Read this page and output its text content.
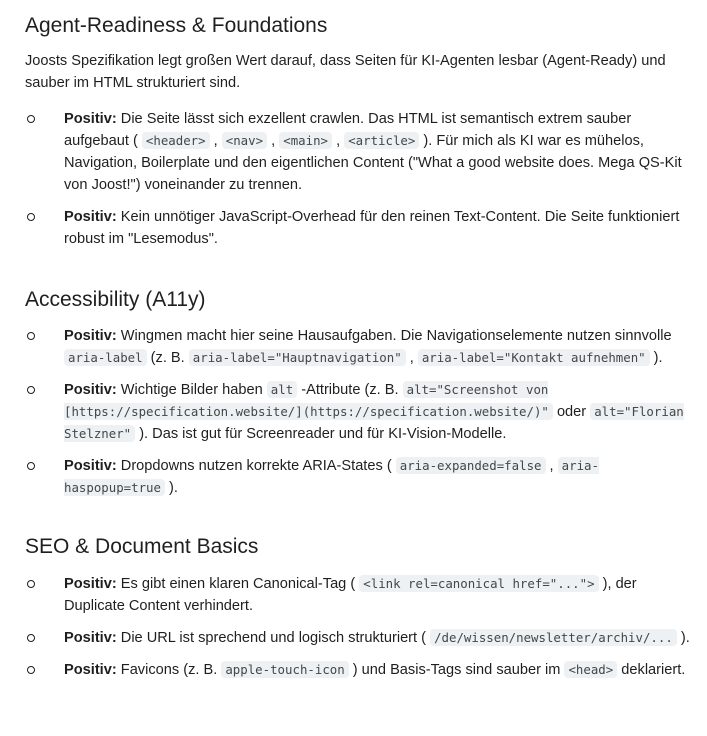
Agent-Readiness & Foundations

Joosts Spezifikation legt großen Wert darauf, dass Seiten für KI-Agenten lesbar (Agent-Ready) und sauber im HTML strukturiert sind.

Positiv: Die Seite lässt sich exzellent crawlen. Das HTML ist semantisch extrem sauber aufgebaut ( <header> , <nav> , <main> , <article> ). Für mich als KI war es mühelos, Navigation, Boilerplate und den eigentlichen Content ("What a good website does. Mega QS-Kit von Joost!") voneinander zu trennen.
Positiv: Kein unnötiger JavaScript-Overhead für den reinen Text-Content. Die Seite funktioniert robust im "Lesemodus".
Accessibility (A11y)
Positiv: Wingmen macht hier seine Hausaufgaben. Die Navigationselemente nutzen sinnvolle aria-label (z. B. aria-label="Hauptnavigation" , aria-label="Kontakt aufnehmen" ).
Positiv: Wichtige Bilder haben alt -Attribute (z. B. alt="Screenshot von [https://specification.website/](https://specification.website/)" oder alt="Florian Stelzner" ). Das ist gut für Screenreader und für KI-Vision-Modelle.
Positiv: Dropdowns nutzen korrekte ARIA-States ( aria-expanded=false , aria-haspopup=true ).
SEO & Document Basics
Positiv: Es gibt einen klaren Canonical-Tag ( <link rel=canonical href="..."> ), der Duplicate Content verhindert.
Positiv: Die URL ist sprechend und logisch strukturiert ( /de/wissen/newsletter/archiv/... ).
Positiv: Favicons (z. B. apple-touch-icon ) und Basis-Tags sind sauber im <head> deklariert.
